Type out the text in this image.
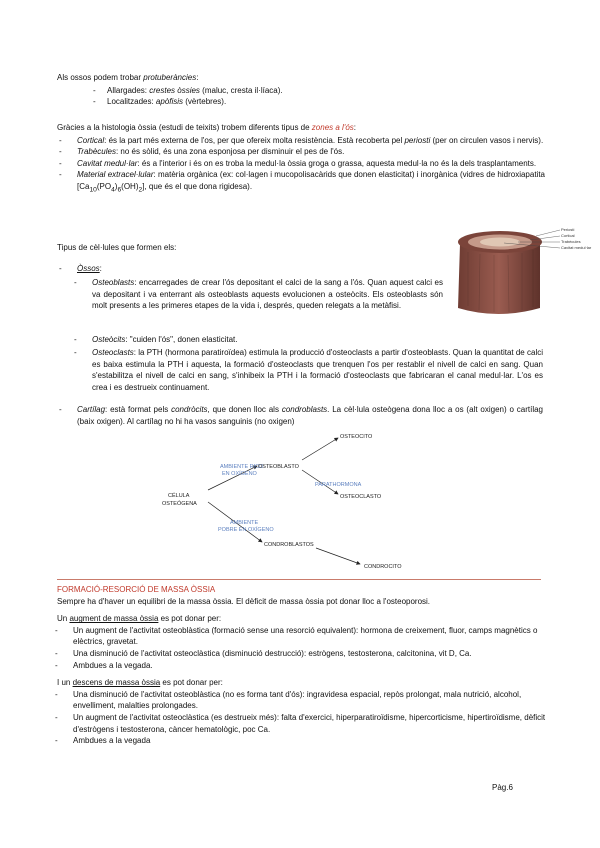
Als ossos podem trobar protuberàncies:

- Allargades: crestes òssies (maluc, cresta il·líaca).
- Localitzades: apòfisis (vèrtebres).

Gràcies a la histologia òssia (estudi de teixits) trobem diferents tipus de zones a l'ós:

- Cortical: és la part més externa de l'os, per que ofereix molta resistència. Està recoberta pel periosti (per on circulen vasos i nervis).
- Trabècules: no és sòlid, és una zona esponjosa per disminuir el pes de l'ós.
- Cavitat medul·lar: és a l'interior i és on es troba la medul·la òssia groga o grassa, aquesta medul·la no és la dels trasplantaments.
- Material extracel·lular: matèria orgànica (ex: col·lagen i mucopolisacàrids que donen elasticitat) i inorgànica (vidres de hidroxiapatita $[Ca_{10}(PO_4)_6(OH)_2]$, que és el que dona rigidesa).
Periosti
Cortical
Trabècules
Cavitat medul·lar

Tipus de cèl·lules que formen els:

- Òssos:
- Osteoblasts: encarregades de crear l'ós depositant el calci de la sang a l'ós. Quan aquest calci es va depositant i va enterrant als osteoblasts aquests evolucionen a osteòcits. Els osteoblasts són molt presents a les primeres etapes de la vida i, després, queden relegats a la metàfisi.
- Osteòcits: "cuiden l'ós", donen elasticitat.
- Osteoclasts: la PTH (hormona paratiroïdea) estimula la producció d'osteoclasts a partir d'osteoblasts. Quan la quantitat de calci es baixa estimula la PTH i aquesta, la formació d'osteoclasts que trenquen l'os per restablir el nivell de calci en sang. Quan s'estabilitza el nivell de calci en sang, s'inhibeix la PTH i la formació d'osteoclasts que fabricaran el canal medul·lar. L'os es crea i es destrueix continuament.
- Cartílag: està format pels condròcits, que donen lloc als condroblasts. La cèl·lula osteògena dona lloc a os (alt oxigen) o cartílag (baix oxigen). Al cartílag no hi ha vasos sanguinis (no oxigen)
CÉLULA
OSTEÓGENA
AMBIENTE RICO
EN OXÍGENO
AMBIENTE
POBRE EN OXÍGENO
OSTEOBLASTO
OSTEOCITO
PARATHORMONA
OSTEOCLASTO
CONDROBLASTOS
CONDROCITO

FORMACIÓ-RESORCIÓ DE MASSA ÒSSIA

Sempre ha d'haver un equilibri de la massa òssia. El dèficit de massa òssia pot donar lloc a l'osteoporosi.

Un augment de massa òssia es pot donar per:

- Un augment de l'activitat osteoblàstica (formació sense una resorció equivalent): hormona de creixement, fluor, camps magnètics o elèctrics, gravetat.
- Una disminució de l'activitat osteoclàstica (disminució destrucció): estrògens, testosterona, calcitonina, vit D, Ca.
- Ambdues a la vegada.

I un descens de massa òssia es pot donar per:

- Una disminució de l'activitat osteoblàstica (no es forma tant d'ós): ingravidesa espacial, repòs prolongat, mala nutrició, alcohol, envelliment, malalties prolongades.
- Un augment de l'activitat osteoclàstica (es destrueix més): falta d'exercici, hiperparatiroïdisme, hipercorticisme, hipertiroïdisme, dèficit d'estrògens i testosterona, càncer hematològic, poc Ca.
- Ambdues a la vegada
Pàg.6
